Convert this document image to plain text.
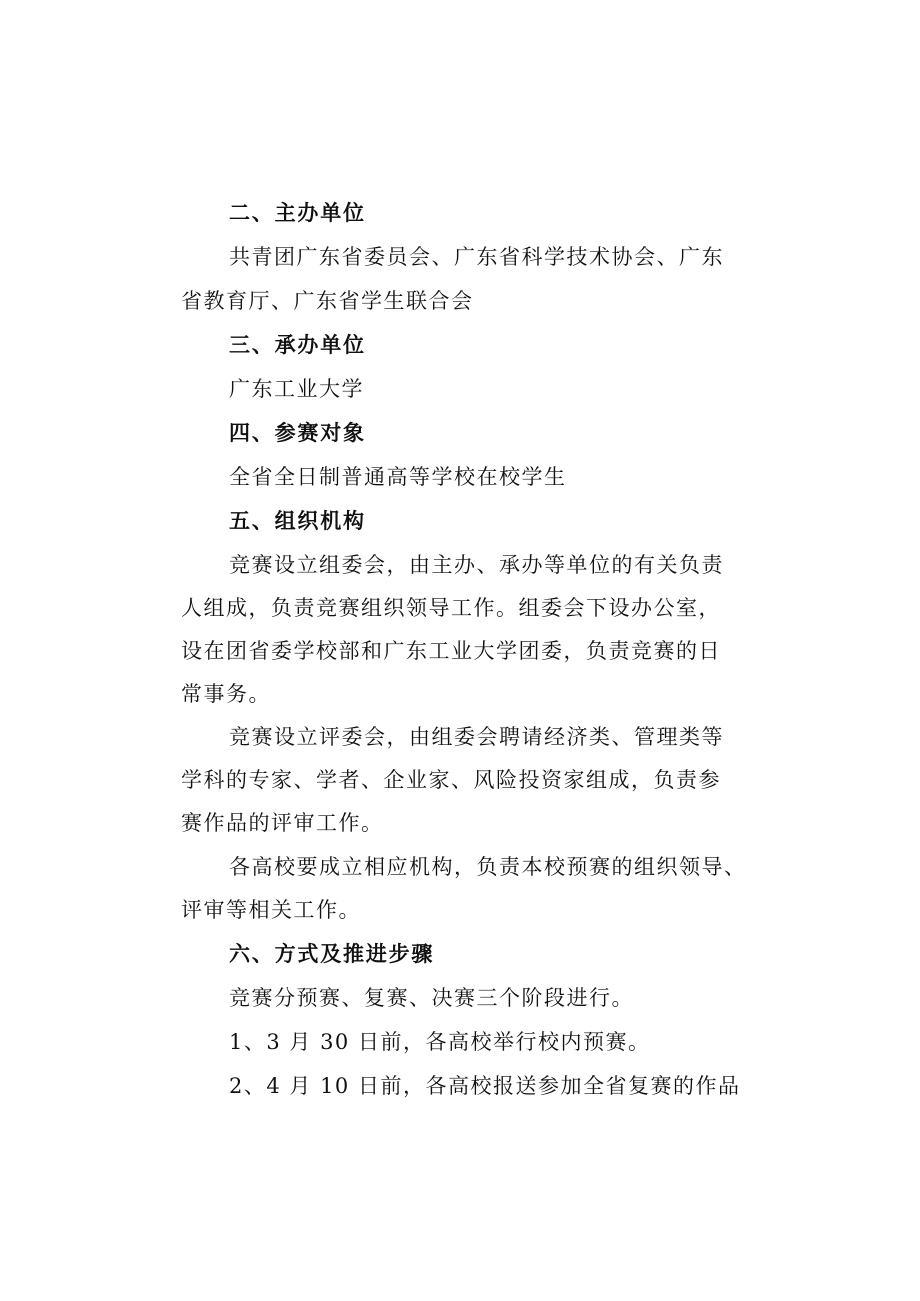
二、主办单位

共青团广东省委员会、广东省科学技术协会、广东

省教育厅、广东省学生联合会

三、承办单位

广东工业大学

四、参赛对象

全省全日制普通高等学校在校学生

五、组织机构

竞赛设立组委会，由主办、承办等单位的有关负责

人组成，负责竞赛组织领导工作。组委会下设办公室，

设在团省委学校部和广东工业大学团委，负责竞赛的日

常事务。

竞赛设立评委会，由组委会聘请经济类、管理类等

学科的专家、学者、企业家、风险投资家组成，负责参

赛作品的评审工作。

各高校要成立相应机构，负责本校预赛的组织领导、

评审等相关工作。

六、方式及推进步骤

竞赛分预赛、复赛、决赛三个阶段进行。

1、3 月 30 日前，各高校举行校内预赛。

2、4 月 10 日前，各高校报送参加全省复赛的作品
